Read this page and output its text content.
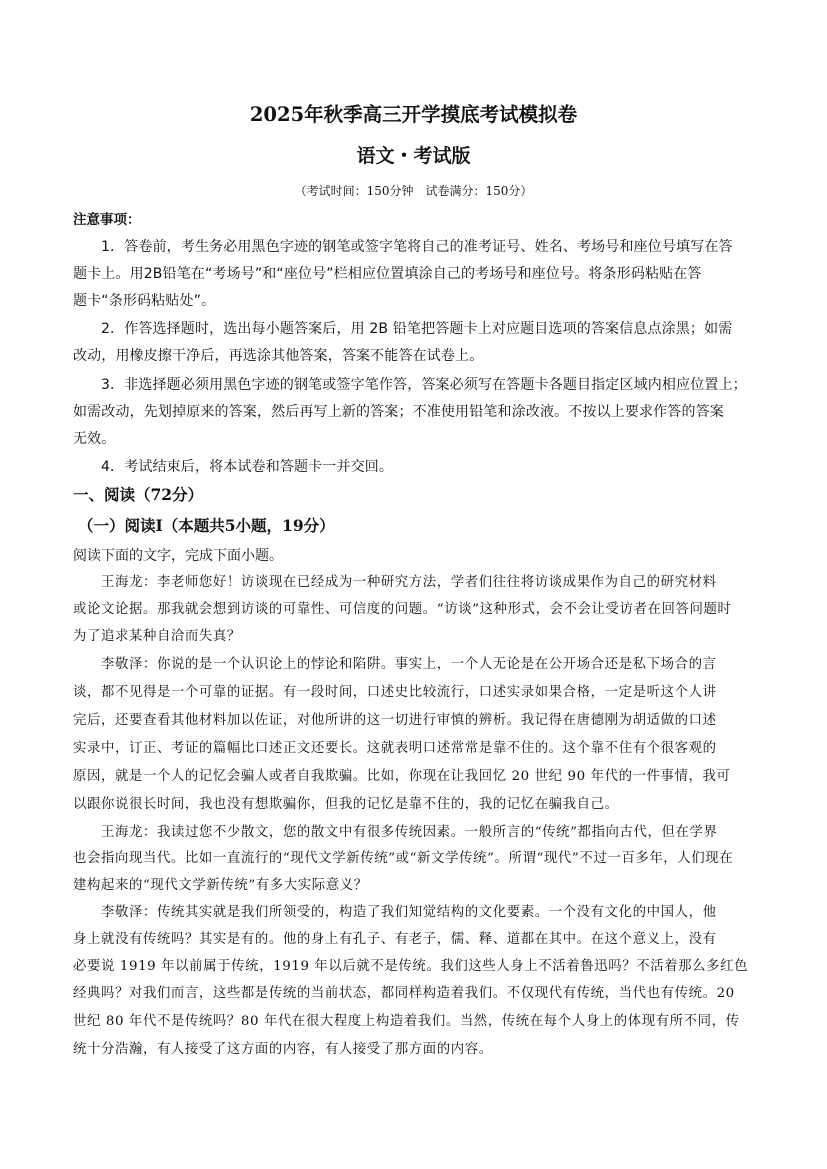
2025年秋季高三开学摸底考试模拟卷
语文・考试版
（考试时间：150分钟　试卷满分：150分）
注意事项：
1．答卷前，考生务必用黑色字迹的钢笔或签字笔将自己的准考证号、姓名、考场号和座位号填写在答
题卡上。用2B铅笔在“考场号”和“座位号”栏相应位置填涂自己的考场号和座位号。将条形码粘贴在答
题卡“条形码粘贴处”。
2．作答选择题时，选出每小题答案后，用 2B 铅笔把答题卡上对应题目选项的答案信息点涂黑；如需
改动，用橡皮擦干净后，再选涂其他答案，答案不能答在试卷上。
3．非选择题必须用黑色字迹的钢笔或签字笔作答，答案必须写在答题卡各题目指定区域内相应位置上；
如需改动，先划掉原来的答案，然后再写上新的答案；不准使用铅笔和涂改液。不按以上要求作答的答案
无效。
4．考试结束后，将本试卷和答题卡一并交回。
一、阅读（72分）
（一）阅读I（本题共5小题，19分）
阅读下面的文字，完成下面小题。
王海龙：李老师您好！访谈现在已经成为一种研究方法，学者们往往将访谈成果作为自己的研究材料
或论文论据。那我就会想到访谈的可靠性、可信度的问题。“访谈”这种形式，会不会让受访者在回答问题时
为了追求某种自洽而失真？
李敬泽：你说的是一个认识论上的悖论和陷阱。事实上，一个人无论是在公开场合还是私下场合的言
谈，都不见得是一个可靠的证据。有一段时间，口述史比较流行，口述实录如果合格，一定是听这个人讲
完后，还要查看其他材料加以佐证，对他所讲的这一切进行审慎的辨析。我记得在唐德刚为胡适做的口述
实录中，订正、考证的篇幅比口述正文还要长。这就表明口述常常是靠不住的。这个靠不住有个很客观的
原因，就是一个人的记忆会骗人或者自我欺骗。比如，你现在让我回忆 20 世纪 90 年代的一件事情，我可
以跟你说很长时间，我也没有想欺骗你，但我的记忆是靠不住的，我的记忆在骗我自己。
王海龙：我读过您不少散文，您的散文中有很多传统因素。一般所言的“传统”都指向古代，但在学界
也会指向现当代。比如一直流行的“现代文学新传统”或“新文学传统”。所谓“现代”不过一百多年，人们现在
建构起来的“现代文学新传统”有多大实际意义？
李敬泽：传统其实就是我们所领受的，构造了我们知觉结构的文化要素。一个没有文化的中国人，他
身上就没有传统吗？其实是有的。他的身上有孔子、有老子，儒、释、道都在其中。在这个意义上，没有
必要说 1919 年以前属于传统，1919 年以后就不是传统。我们这些人身上不活着鲁迅吗？不活着那么多红色
经典吗？对我们而言，这些都是传统的当前状态，都同样构造着我们。不仅现代有传统，当代也有传统。20
世纪 80 年代不是传统吗？80 年代在很大程度上构造着我们。当然，传统在每个人身上的体现有所不同，传
统十分浩瀚，有人接受了这方面的内容，有人接受了那方面的内容。
